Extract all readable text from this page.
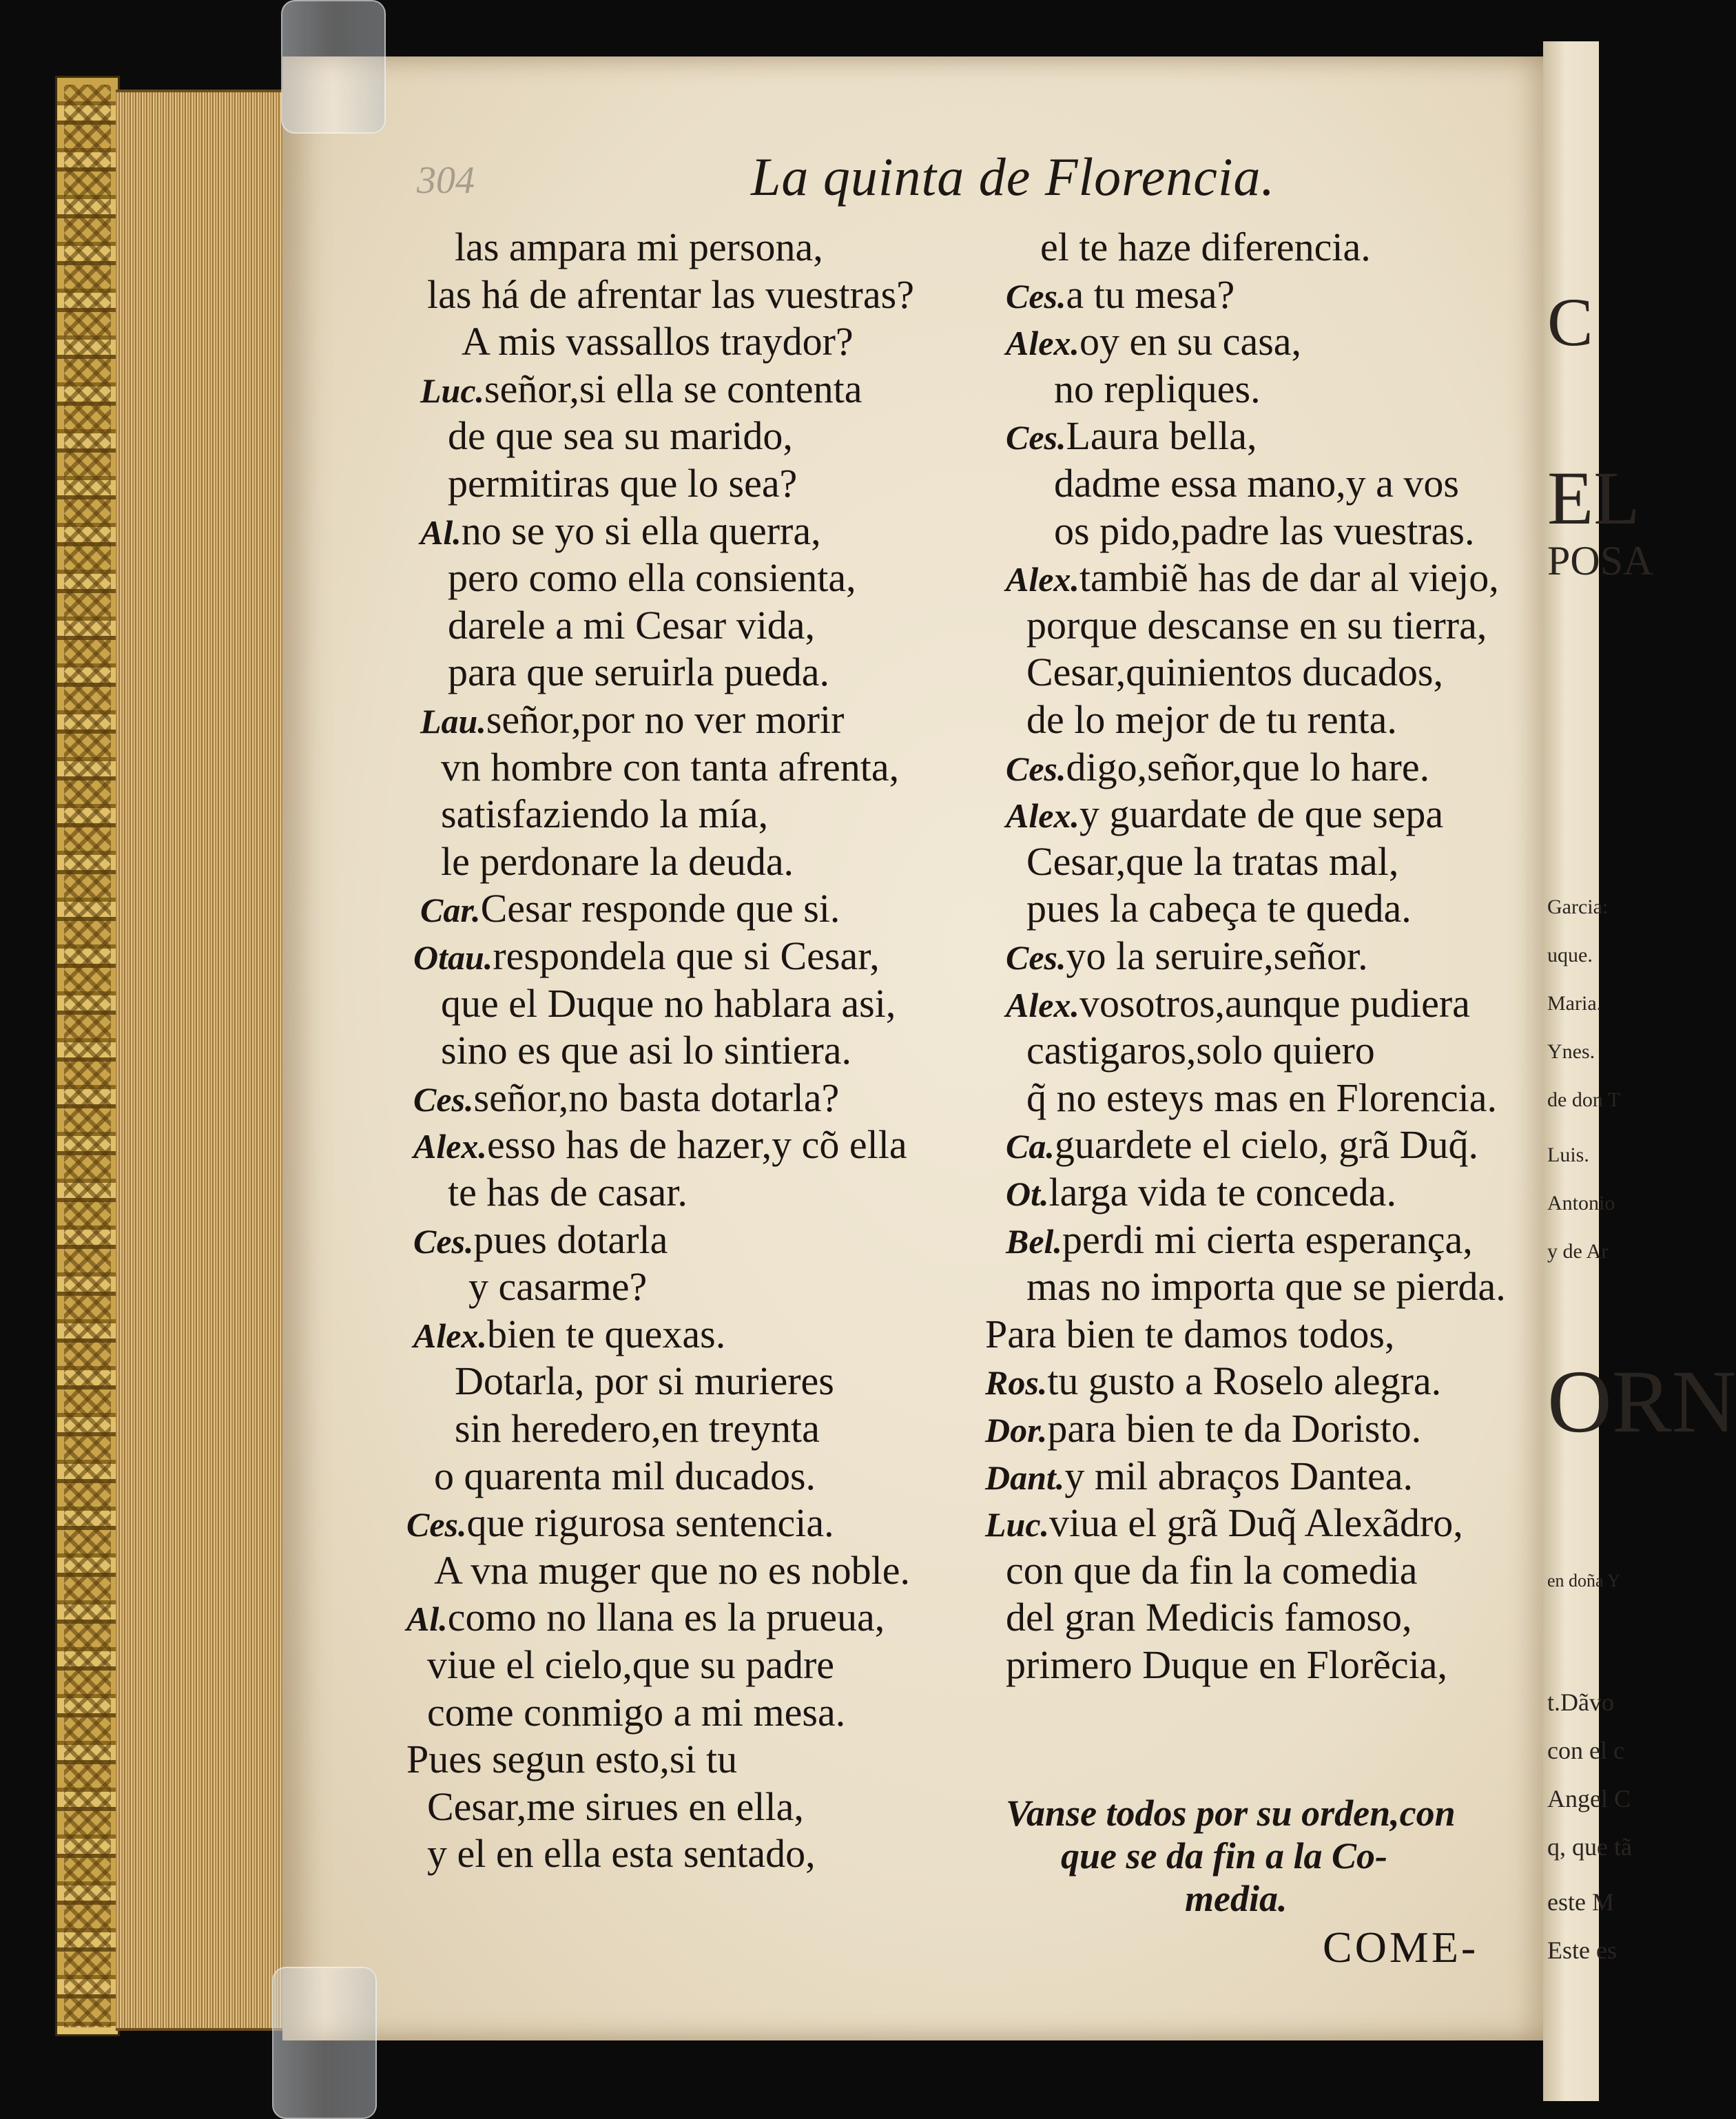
C
EL
POSA
Garcia:
uque.
Maria.
Ynes.
de don T
Luis.
Antonio
y de Ar
ORN
en doña Y
t.Dãvo
con el c
Angel C
q, que tã
este M
Este es
304	La quinta de Florencia.
las ampara mi persona,
las há de afrentar las vuestras?
A mis vassallos traydor?
Luc.señor,si ella se contenta
de que sea su marido,
permitiras que lo sea?
Al.no se yo si ella querra,
pero como ella consienta,
darele a mi Cesar vida,
para que seruirla pueda.
Lau.señor,por no ver morir
vn hombre con tanta afrenta,
satisfaziendo la mía,
le perdonare la deuda.
Car.Cesar responde que si.
Otau.respondela que si Cesar,
que el Duque no hablara asi,
sino es que asi lo sintiera.
Ces.señor,no basta dotarla?
Alex.esso has de hazer,y cõ ella
te has de casar.
Ces.pues dotarla
y casarme?
Alex.bien te quexas.
Dotarla, por si murieres
sin heredero,en treynta
o quarenta mil ducados.
Ces.que rigurosa sentencia.
A vna muger que no es noble.
Al.como no llana es la prueua,
viue el cielo,que su padre
come conmigo a mi mesa.
Pues segun esto,si tu
Cesar,me sirues en ella,
y el en ella esta sentado,
el te haze diferencia.
Ces.a tu mesa?
Alex.oy en su casa,
no repliques.
Ces.Laura bella,
dadme essa mano,y a vos
os pido,padre las vuestras.
Alex.tambiẽ has de dar al viejo,
porque descanse en su tierra,
Cesar,quinientos ducados,
de lo mejor de tu renta.
Ces.digo,señor,que lo hare.
Alex.y guardate de que sepa
Cesar,que la tratas mal,
pues la cabeça te queda.
Ces.yo la seruire,señor.
Alex.vosotros,aunque pudiera
castigaros,solo quiero
q̃ no esteys mas en Florencia.
Ca.guardete el cielo, grã Duq̃.
Ot.larga vida te conceda.
Bel.perdi mi cierta esperança,
mas no importa que se pierda.
Para bien te damos todos,
Ros.tu gusto a Roselo alegra.
Dor.para bien te da Doristo.
Dant.y mil abraços Dantea.
Luc.viua el grã Duq̃ Alexãdro,
con que da fin la comedia
del gran Medicis famoso,
primero Duque en Florẽcia,
Vanse todos por su orden,con
que se da fin a la Co-
media.
COME-
